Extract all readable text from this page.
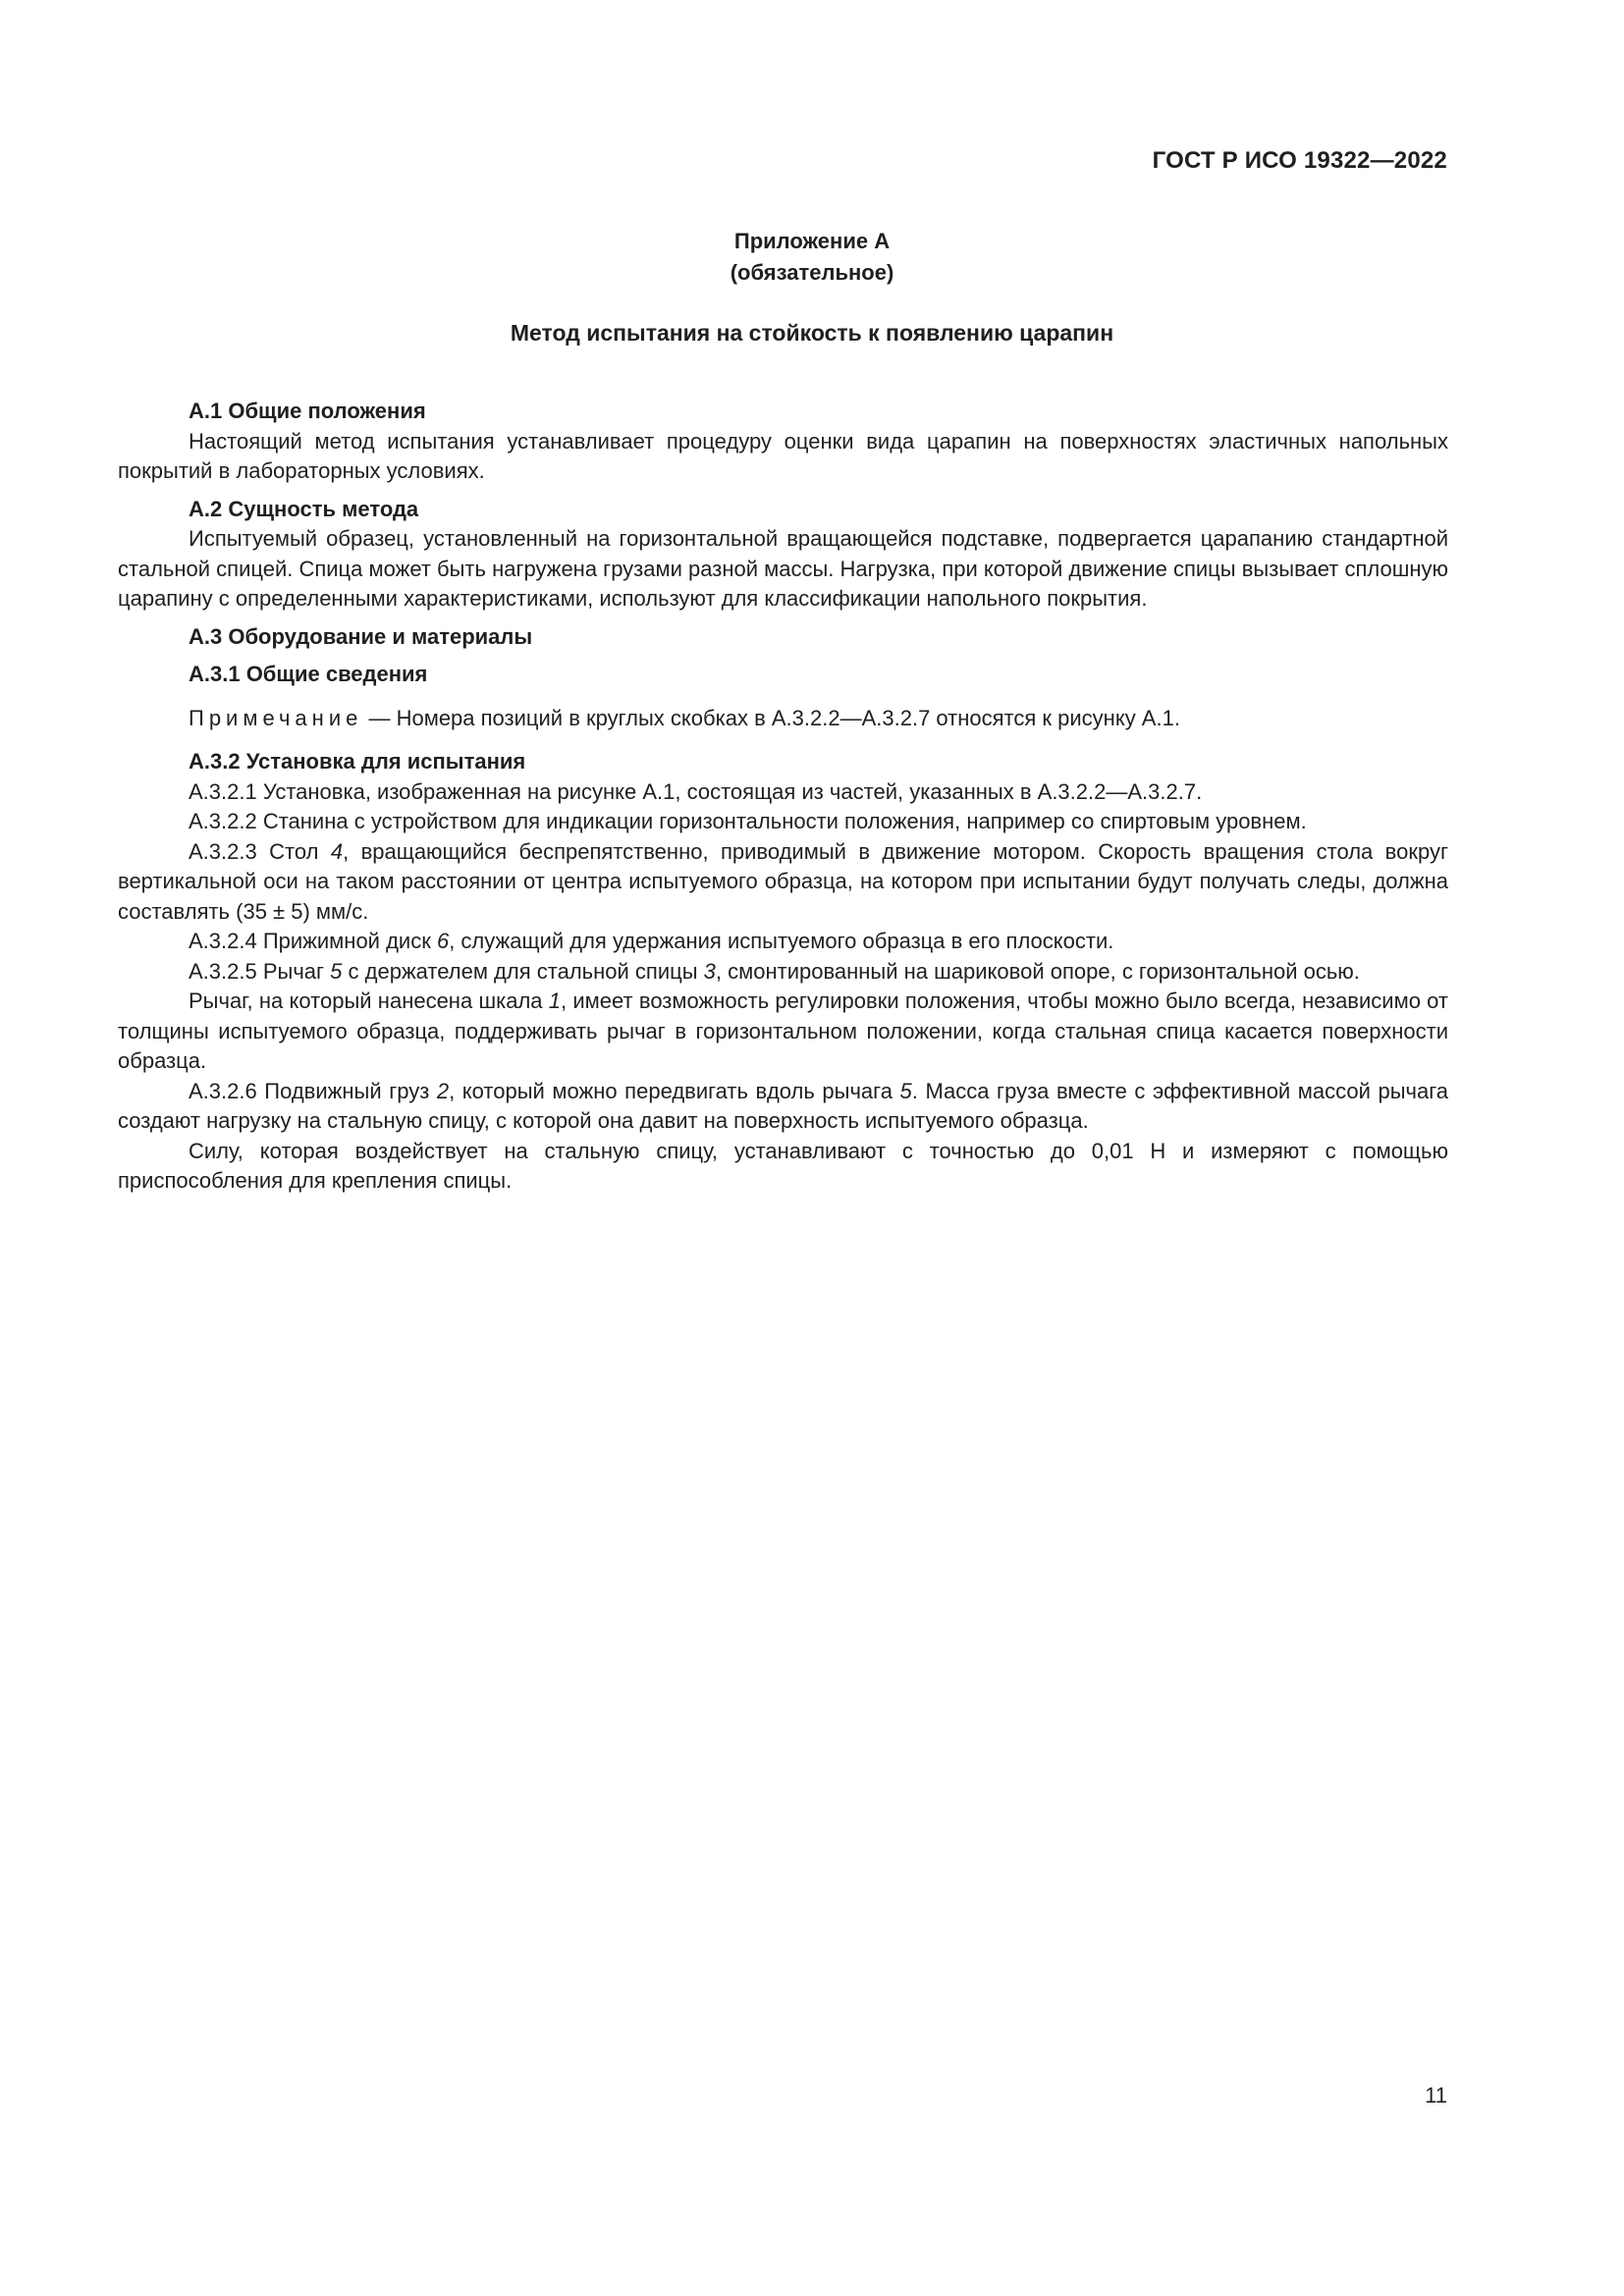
ГОСТ Р ИСО 19322—2022
Приложение А
(обязательное)
Метод испытания на стойкость к появлению царапин
А.1 Общие положения
Настоящий метод испытания устанавливает процедуру оценки вида царапин на поверхностях эластичных напольных покрытий в лабораторных условиях.
А.2 Сущность метода
Испытуемый образец, установленный на горизонтальной вращающейся подставке, подвергается царапанию стандартной стальной спицей. Спица может быть нагружена грузами разной массы. Нагрузка, при которой движение спицы вызывает сплошную царапину с определенными характеристиками, используют для классификации напольного покрытия.
А.3 Оборудование и материалы
А.3.1 Общие сведения
Примечание — Номера позиций в круглых скобках в А.3.2.2—А.3.2.7 относятся к рисунку А.1.
А.3.2 Установка для испытания
А.3.2.1 Установка, изображенная на рисунке А.1, состоящая из частей, указанных в А.3.2.2—А.3.2.7.
А.3.2.2 Станина с устройством для индикации горизонтальности положения, например со спиртовым уровнем.
А.3.2.3 Стол 4, вращающийся беспрепятственно, приводимый в движение мотором. Скорость вращения стола вокруг вертикальной оси на таком расстоянии от центра испытуемого образца, на котором при испытании будут получать следы, должна составлять (35 ± 5) мм/с.
А.3.2.4 Прижимной диск 6, служащий для удержания испытуемого образца в его плоскости.
А.3.2.5 Рычаг 5 с держателем для стальной спицы 3, смонтированный на шариковой опоре, с горизонтальной осью.
Рычаг, на который нанесена шкала 1, имеет возможность регулировки положения, чтобы можно было всегда, независимо от толщины испытуемого образца, поддерживать рычаг в горизонтальном положении, когда стальная спица касается поверхности образца.
А.3.2.6 Подвижный груз 2, который можно передвигать вдоль рычага 5. Масса груза вместе с эффективной массой рычага создают нагрузку на стальную спицу, с которой она давит на поверхность испытуемого образца.
Силу, которая воздействует на стальную спицу, устанавливают с точностью до 0,01 Н и измеряют с помощью приспособления для крепления спицы.
11
